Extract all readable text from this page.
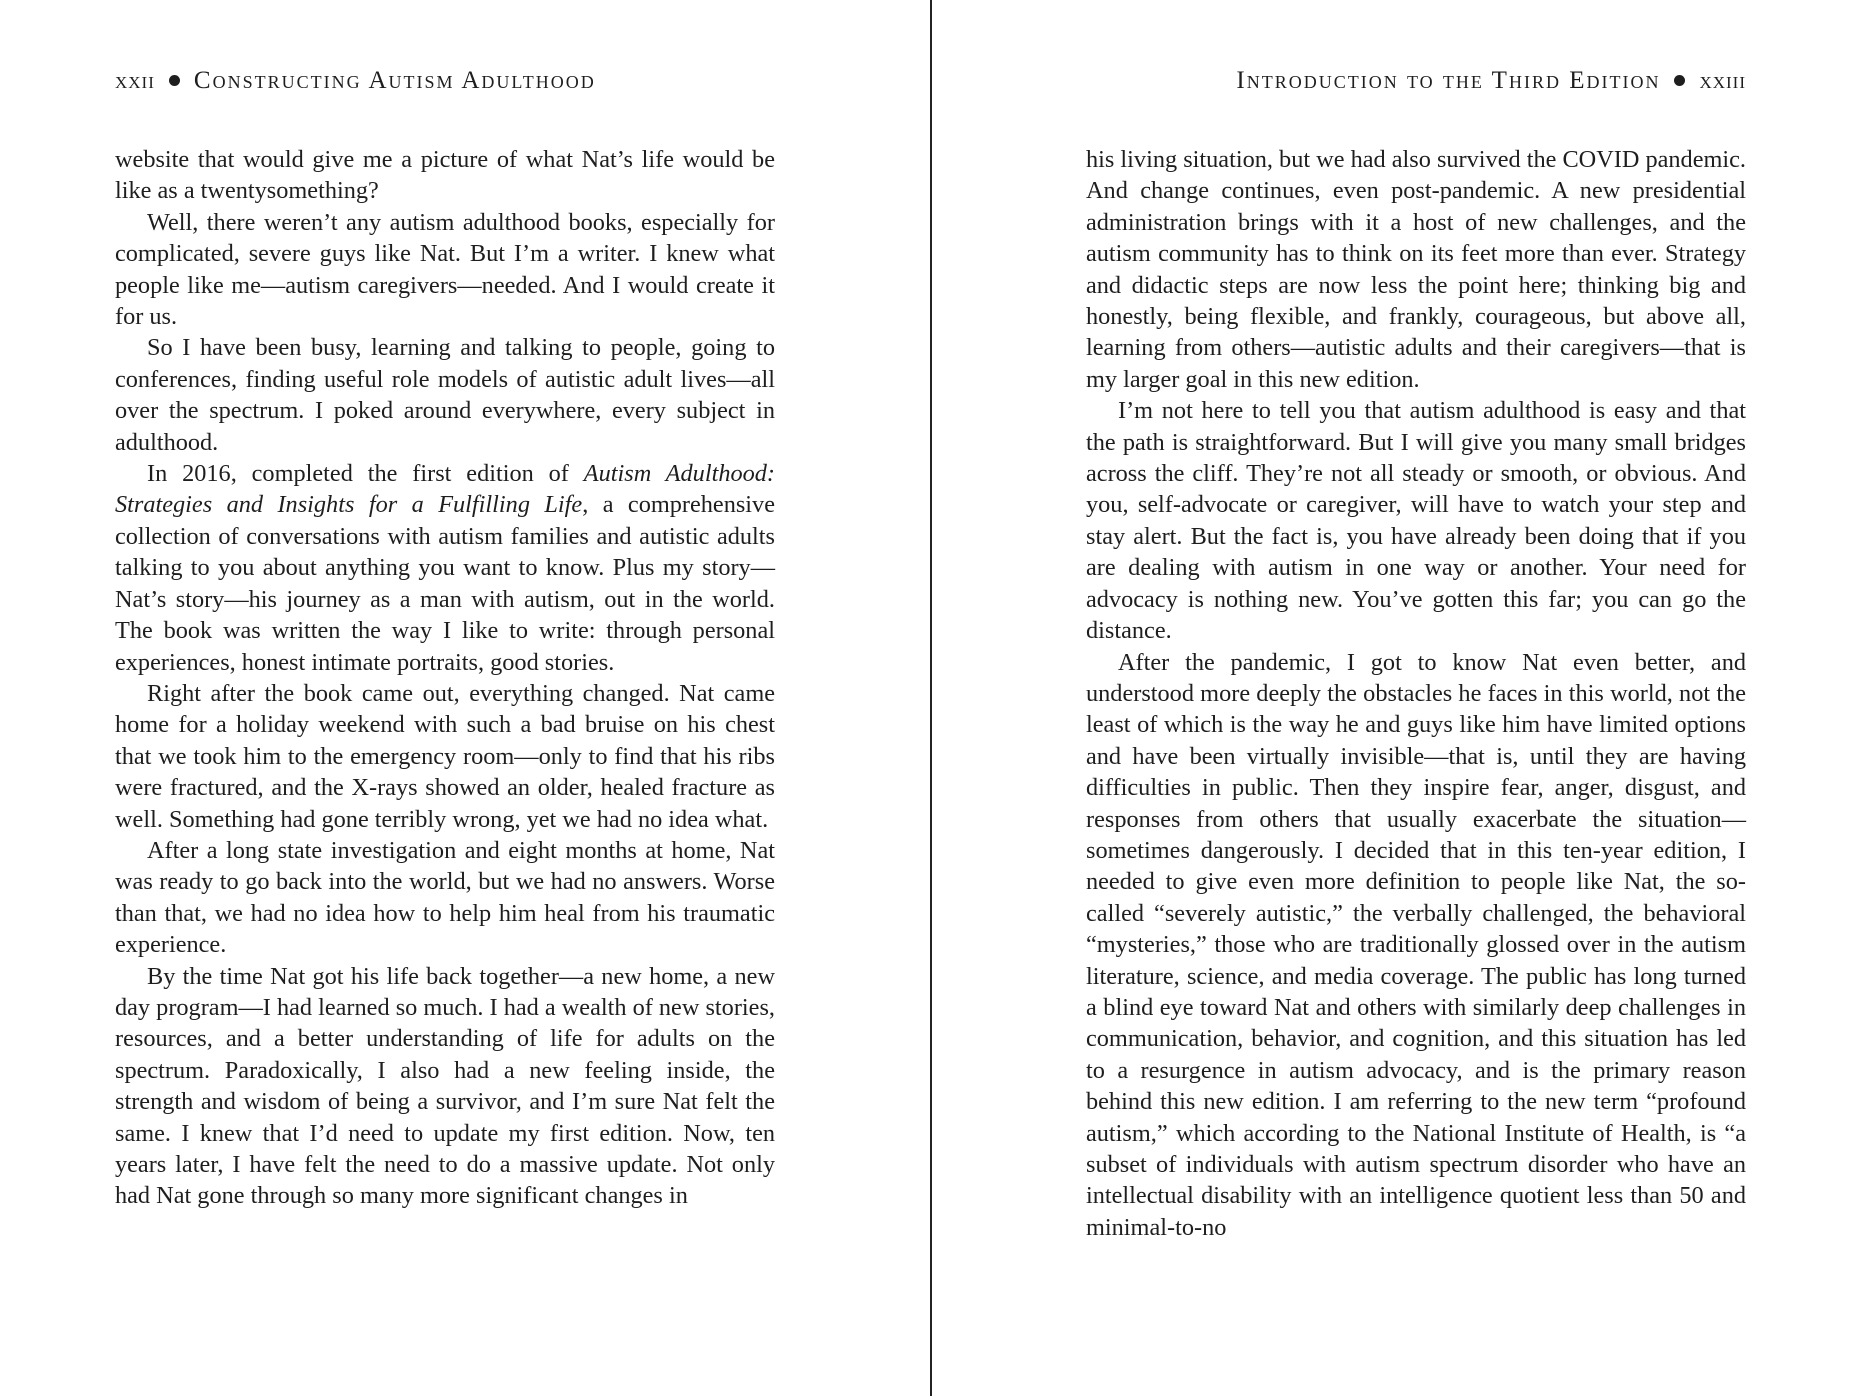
xxii Constructing Autism Adulthood

website that would give me a picture of what Nat’s life would be like as a twentysomething?

Well, there weren’t any autism adulthood books, especially for complicated, severe guys like Nat. But I’m a writer. I knew what people like me—autism caregivers—needed. And I would create it for us.

So I have been busy, learning and talking to people, going to conferences, finding useful role models of autistic adult lives—all over the spectrum. I poked around everywhere, every subject in adulthood.

In 2016, completed the first edition of Autism Adulthood: Strategies and Insights for a Fulfilling Life, a comprehensive collection of conversations with autism families and autistic adults talking to you about anything you want to know. Plus my story—Nat’s story—his journey as a man with autism, out in the world. The book was written the way I like to write: through personal experiences, honest intimate portraits, good stories.

Right after the book came out, everything changed. Nat came home for a holiday weekend with such a bad bruise on his chest that we took him to the emergency room—only to find that his ribs were fractured, and the X-rays showed an older, healed fracture as well. Something had gone terribly wrong, yet we had no idea what.

After a long state investigation and eight months at home, Nat was ready to go back into the world, but we had no answers. Worse than that, we had no idea how to help him heal from his traumatic experience.

By the time Nat got his life back together—a new home, a new day program—I had learned so much. I had a wealth of new stories, resources, and a better understanding of life for adults on the spectrum. Paradoxically, I also had a new feeling inside, the strength and wisdom of being a survivor, and I’m sure Nat felt the same. I knew that I’d need to update my first edition. Now, ten years later, I have felt the need to do a massive update. Not only had Nat gone through so many more significant changes in

Introduction to the Third Edition xxiii

his living situation, but we had also survived the COVID pandemic. And change continues, even post-pandemic. A new presidential administration brings with it a host of new challenges, and the autism community has to think on its feet more than ever. Strategy and didactic steps are now less the point here; thinking big and honestly, being flexible, and frankly, courageous, but above all, learning from others—autistic adults and their caregivers—that is my larger goal in this new edition.

I’m not here to tell you that autism adulthood is easy and that the path is straightforward. But I will give you many small bridges across the cliff. They’re not all steady or smooth, or obvious. And you, self-advocate or caregiver, will have to watch your step and stay alert. But the fact is, you have already been doing that if you are dealing with autism in one way or another. Your need for advocacy is nothing new. You’ve gotten this far; you can go the distance.

After the pandemic, I got to know Nat even better, and understood more deeply the obstacles he faces in this world, not the least of which is the way he and guys like him have limited options and have been virtually invisible—that is, until they are having difficulties in public. Then they inspire fear, anger, disgust, and responses from others that usually exacerbate the situation—sometimes dangerously. I decided that in this ten-year edition, I needed to give even more definition to people like Nat, the so-called “severely autistic,” the verbally challenged, the behavioral “mysteries,” those who are traditionally glossed over in the autism literature, science, and media coverage. The public has long turned a blind eye toward Nat and others with similarly deep challenges in communication, behavior, and cognition, and this situation has led to a resurgence in autism advocacy, and is the primary reason behind this new edition. I am referring to the new term “profound autism,” which according to the National Institute of Health, is “a subset of individuals with autism spectrum disorder who have an intellectual disability with an intelligence quotient less than 50 and minimal-to-no
